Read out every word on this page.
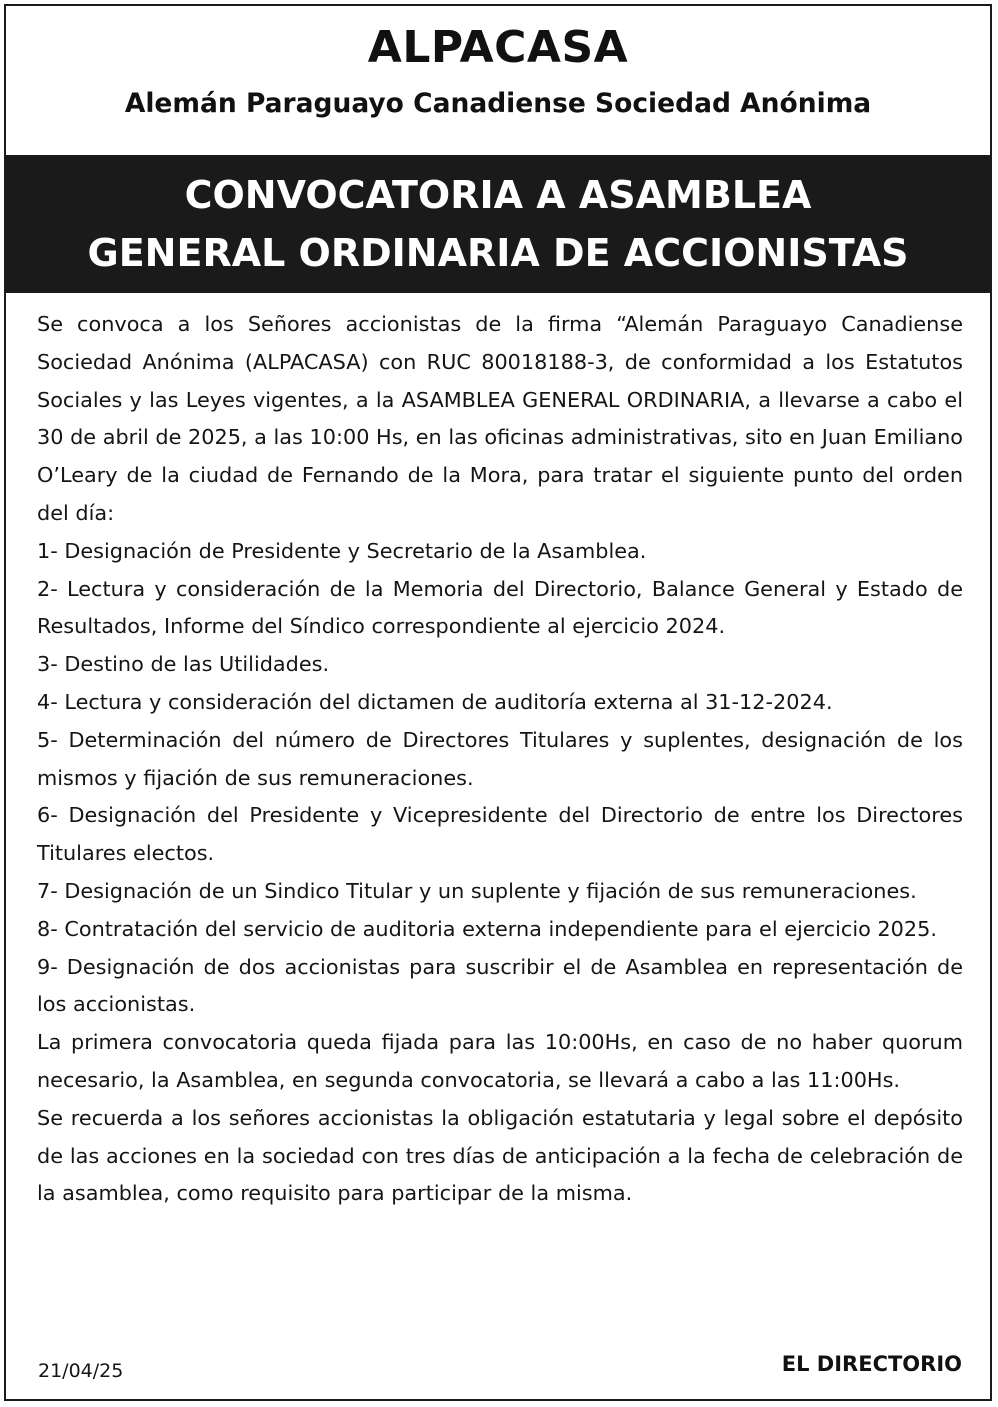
ALPACASA
Alemán Paraguayo Canadiense Sociedad Anónima
CONVOCATORIA A ASAMBLEA
GENERAL ORDINARIA DE ACCIONISTAS

Se convoca a los Señores accionistas de la firma “Alemán Paraguayo Canadiense Sociedad Anónima (ALPACASA) con RUC 80018188-3, de conformidad a los Estatutos Sociales y las Leyes vigentes, a la ASAMBLEA GENERAL ORDINARIA, a llevarse a cabo el 30 de abril de 2025, a las 10:00 Hs, en las oficinas administrativas, sito en Juan Emiliano O’Leary de la ciudad de Fernando de la Mora, para tratar el siguiente punto del orden del día:

1- Designación de Presidente y Secretario de la Asamblea.

2- Lectura y consideración de la Memoria del Directorio, Balance General y Estado de Resultados, Informe del Síndico correspondiente al ejercicio 2024.

3- Destino de las Utilidades.

4- Lectura y consideración del dictamen de auditoría externa al 31-12-2024.

5- Determinación del número de Directores Titulares y suplentes, designación de los mismos y fijación de sus remuneraciones.

6- Designación del Presidente y Vicepresidente del Directorio de entre los Directores Titulares electos.

7- Designación de un Sindico Titular y un suplente y fijación de sus remuneraciones.

8- Contratación del servicio de auditoria externa independiente para el ejercicio 2025.

9- Designación de dos accionistas para suscribir el de Asamblea en representación de los accionistas.

La primera convocatoria queda fijada para las 10:00Hs, en caso de no haber quorum necesario, la Asamblea, en segunda convocatoria, se llevará a cabo a las 11:00Hs.

Se recuerda a los señores accionistas la obligación estatutaria y legal sobre el depósito de las acciones en la sociedad con tres días de anticipación a la fecha de celebración de la asamblea, como requisito para participar de la misma.

21/04/25	EL DIRECTORIO
